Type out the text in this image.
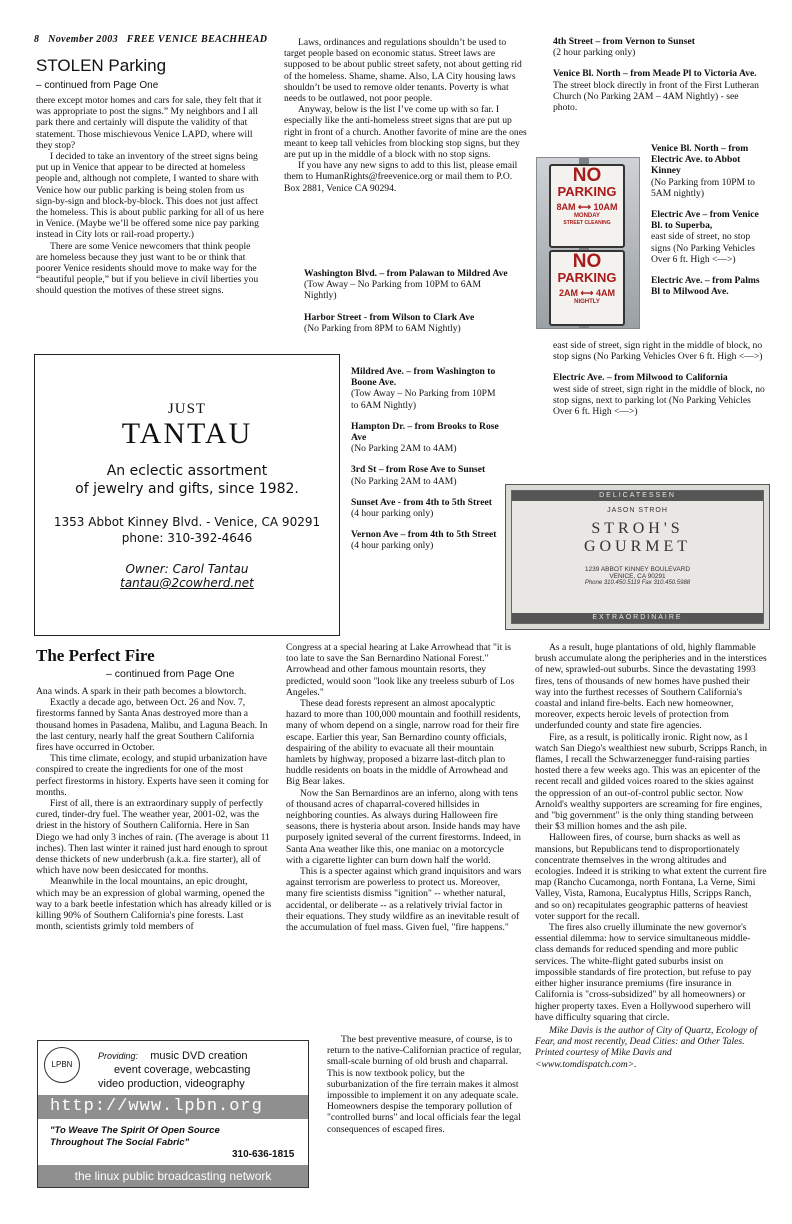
8 November 2003 FREE VENICE BEACHHEAD
STOLEN Parking
– continued from Page One

there except motor homes and cars for sale, they felt that it was appropriate to post the signs.” My neighbors and I all park there and certainly will dispute the validity of that statement. Those mischievous Venice LAPD, where will they stop?

I decided to take an inventory of the street signs being put up in Venice that appear to be directed at homeless people and, although not complete, I wanted to share with Venice how our public parking is being stolen from us sign-by-sign and block-by-block. This does not just affect the homeless. This is about public parking for all of us here in Venice. (Maybe we’ll be offered some nice pay parking instead in City lots or rail-road property.)

There are some Venice newcomers that think people are homeless because they just want to be or think that poorer Venice residents should move to make way for the “beautiful people,” but if you believe in civil liberties you should question the motives of these street signs.

Laws, ordinances and regulations shouldn’t be used to target people based on economic status. Street laws are supposed to be about public street safety, not about getting rid of the homeless. Shame, shame. Also, LA City housing laws shouldn’t be used to remove older tenants. Poverty is what needs to be outlawed, not poor people.

Anyway, below is the list I’ve come up with so far. I especially like the anti-homeless street signs that are put up right in front of a church. Another favorite of mine are the ones meant to keep tall vehicles from blocking stop signs, but they are put up in the middle of a block with no stop signs.

If you have any new signs to add to this list, please email them to HumanRights@freevenice.org or mail them to P.O. Box 2881, Venice CA 90294.

Washington Blvd. – from Palawan to Mildred Ave
(Tow Away – No Parking from 10PM to 6AM Nightly)
Harbor Street - from Wilson to Clark Ave
(No Parking from 8PM to 6AM Nightly)
Mildred Ave. – from Washington to Boone Ave.
(Tow Away – No Parking from 10PM to 6AM Nightly)
Hampton Dr. – from Brooks to Rose Ave
(No Parking 2AM to 4AM)
3rd St – from Rose Ave to Sunset
(No Parking 2AM to 4AM)
Sunset Ave - from 4th to 5th Street
(4 hour parking only)
Vernon Ave – from 4th to 5th Street
(4 hour parking only)
4th Street – from Vernon to Sunset
(2 hour parking only)
Venice Bl. North – from Meade Pl to Victoria Ave.
The street block directly in front of the First Lutheran Church (No Parking 2AM – 4AM Nightly) - see photo.
NO
PARKING
8AM ⟷ 10AM
MONDAY
STREET CLEANING
NO
PARKING
2AM ⟷ 4AM
NIGHTLY
Venice Bl. North – from Electric Ave. to Abbot Kinney
(No Parking from 10PM to 5AM nightly)
Electric Ave – from Venice Bl. to Superba,
east side of street, no stop signs (No Parking Vehicles Over 6 ft. High <—>)
Electric Ave. – from Palms Bl to Milwood Ave.
east side of street, sign right in the middle of block, no stop signs (No Parking Vehicles Over 6 ft. High <—>)
Electric Ave. – from Milwood to California
west side of street, sign right in the middle of block, no stop signs, next to parking lot (No Parking Vehicles Over 6 ft. High <—>)
JUST
TANTAU
An eclectic assortment
of jewelry and gifts, since 1982.
1353 Abbot Kinney Blvd. - Venice, CA 90291
phone: 310-392-4646
Owner: Carol Tantau
tantau@2cowherd.net
DELICATESSEN
JASON STROH
STROH'S
GOURMET
1239 ABBOT KINNEY BOULEVARD
VENICE, CA 90291
Phone 310.450.5119 Fax 310.450.5988
EXTRAORDINAIRE
The Perfect Fire
– continued from Page One

Ana winds. A spark in their path becomes a blowtorch.

Exactly a decade ago, between Oct. 26 and Nov. 7, firestorms fanned by Santa Anas destroyed more than a thousand homes in Pasadena, Malibu, and Laguna Beach. In the last century, nearly half the great Southern California fires have occurred in October.

This time climate, ecology, and stupid urbanization have conspired to create the ingredients for one of the most perfect firestorms in history. Experts have seen it coming for months.

First of all, there is an extraordinary supply of perfectly cured, tinder-dry fuel. The weather year, 2001-02, was the driest in the history of Southern California. Here in San Diego we had only 3 inches of rain. (The average is about 11 inches). Then last winter it rained just hard enough to sprout dense thickets of new underbrush (a.k.a. fire starter), all of which have now been desiccated for months.

Meanwhile in the local mountains, an epic drought, which may be an expression of global warming, opened the way to a bark beetle infestation which has already killed or is killing 90% of Southern California's pine forests. Last month, scientists grimly told members of

Congress at a special hearing at Lake Arrowhead that "it is too late to save the San Bernardino National Forest." Arrowhead and other famous mountain resorts, they predicted, would soon "look like any treeless suburb of Los Angeles."

These dead forests represent an almost apocalyptic hazard to more than 100,000 mountain and foothill residents, many of whom depend on a single, narrow road for their fire escape. Earlier this year, San Bernardino county officials, despairing of the ability to evacuate all their mountain hamlets by highway, proposed a bizarre last-ditch plan to huddle residents on boats in the middle of Arrowhead and Big Bear lakes.

Now the San Bernardinos are an inferno, along with tens of thousand acres of chaparral-covered hillsides in neighboring counties. As always during Halloween fire seasons, there is hysteria about arson. Inside hands may have purposely ignited several of the current firestorms. Indeed, in Santa Ana weather like this, one maniac on a motorcycle with a cigarette lighter can burn down half the world.

This is a specter against which grand inquisitors and wars against terrorism are powerless to protect us. Moreover, many fire scientists dismiss "ignition" -- whether natural, accidental, or deliberate -- as a relatively trivial factor in their equations. They study wildfire as an inevitable result of the accumulation of fuel mass. Given fuel, "fire happens."

The best preventive measure, of course, is to return to the native-Californian practice of regular, small-scale burning of old brush and chaparral. This is now textbook policy, but the suburbanization of the fire terrain makes it almost impossible to implement it on any adequate scale. Homeowners despise the temporary pollution of "controlled burns" and local officials fear the legal consequences of escaped fires.

As a result, huge plantations of old, highly flammable brush accumulate along the peripheries and in the interstices of new, sprawled-out suburbs. Since the devastating 1993 fires, tens of thousands of new homes have pushed their way into the furthest recesses of Southern California's coastal and inland fire-belts. Each new homeowner, moreover, expects heroic levels of protection from underfunded county and state fire agencies.

Fire, as a result, is politically ironic. Right now, as I watch San Diego's wealthiest new suburb, Scripps Ranch, in flames, I recall the Schwarzenegger fund-raising parties hosted there a few weeks ago. This was an epicenter of the recent recall and gilded voices roared to the skies against the oppression of an out-of-control public sector. Now Arnold's wealthy supporters are screaming for fire engines, and "big government" is the only thing standing between their $3 million homes and the ash pile.

Halloween fires, of course, burn shacks as well as mansions, but Republicans tend to disproportionately concentrate themselves in the wrong altitudes and ecologies. Indeed it is striking to what extent the current fire map (Rancho Cucamonga, north Fontana, La Verne, Simi Valley, Vista, Ramona, Eucalyptus Hills, Scripps Ranch, and so on) recapitulates geographic patterns of heaviest voter support for the recall.

The fires also cruelly illuminate the new governor's essential dilemma: how to service simultaneous middle-class demands for reduced spending and more public services. The white-flight gated suburbs insist on impossible standards of fire protection, but refuse to pay either higher insurance premiums (fire insurance in California is "cross-subsidized" by all homeowners) or higher property taxes. Even a Hollywood superhero will have difficulty squaring that circle.

Mike Davis is the author of City of Quartz, Ecology of Fear, and most recently, Dead Cities: and Other Tales. Printed courtesy of Mike Davis and <www.tomdispatch.com>.

LPBN
Providing: music DVD creation
event coverage, webcasting
video production, videography
http://www.lpbn.org
"To Weave The Spirit Of Open Source
Throughout The Social Fabric"
310-636-1815
the linux public broadcasting network
